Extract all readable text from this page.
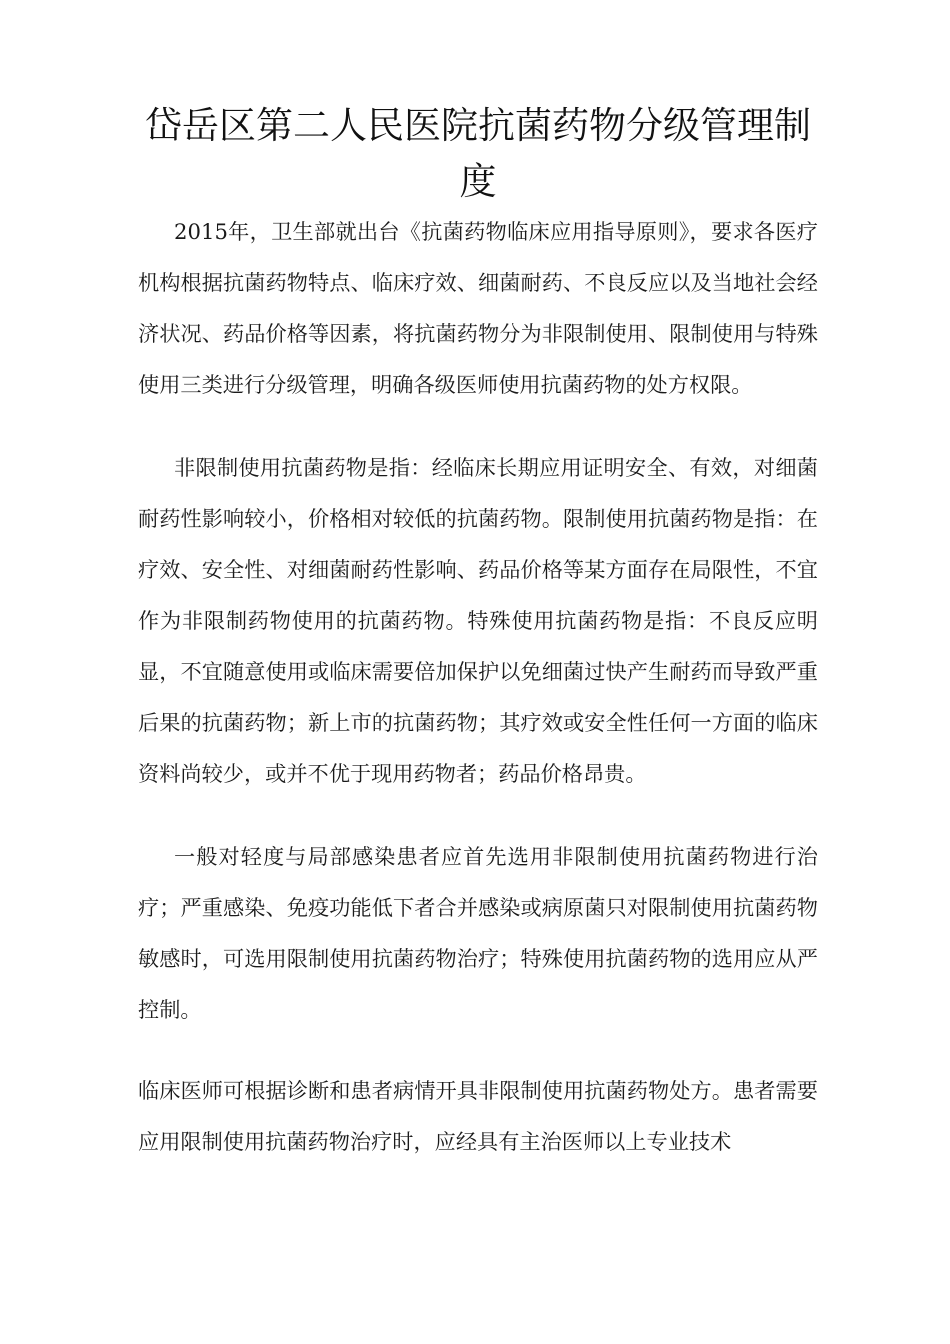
岱岳区第二人民医院抗菌药物分级管理制度

2015年，卫生部就出台《抗菌药物临床应用指导原则》，要求各医疗机构根据抗菌药物特点、临床疗效、细菌耐药、不良反应以及当地社会经济状况、药品价格等因素，将抗菌药物分为非限制使用、限制使用与特殊使用三类进行分级管理，明确各级医师使用抗菌药物的处方权限。

非限制使用抗菌药物是指：经临床长期应用证明安全、有效，对细菌耐药性影响较小，价格相对较低的抗菌药物。限制使用抗菌药物是指：在疗效、安全性、对细菌耐药性影响、药品价格等某方面存在局限性，不宜作为非限制药物使用的抗菌药物。特殊使用抗菌药物是指：不良反应明显，不宜随意使用或临床需要倍加保护以免细菌过快产生耐药而导致严重后果的抗菌药物；新上市的抗菌药物；其疗效或安全性任何一方面的临床资料尚较少，或并不优于现用药物者；药品价格昂贵。

一般对轻度与局部感染患者应首先选用非限制使用抗菌药物进行治疗；严重感染、免疫功能低下者合并感染或病原菌只对限制使用抗菌药物敏感时，可选用限制使用抗菌药物治疗；特殊使用抗菌药物的选用应从严控制。

临床医师可根据诊断和患者病情开具非限制使用抗菌药物处方。患者需要应用限制使用抗菌药物治疗时，应经具有主治医师以上专业技术
